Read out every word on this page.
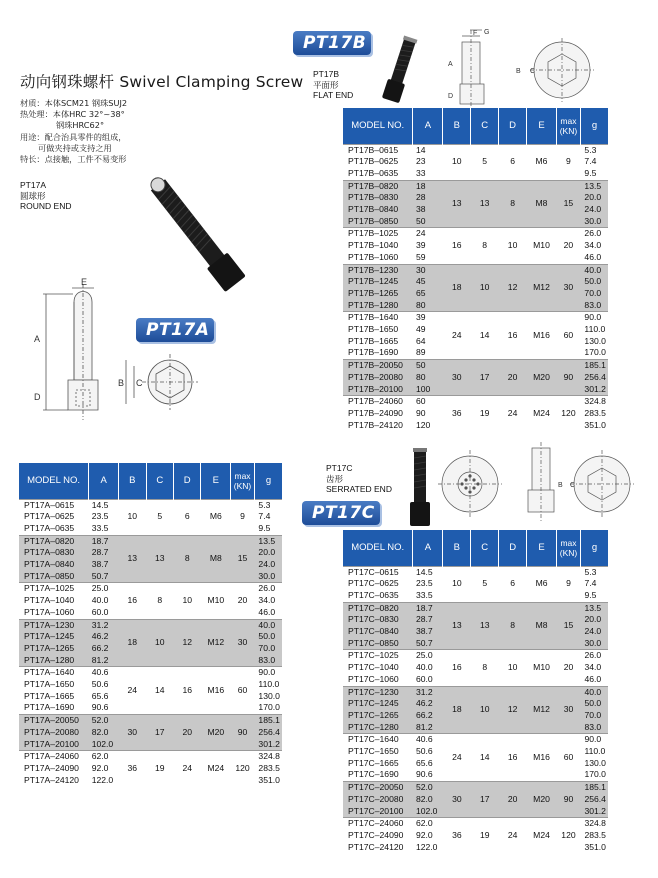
动向钢珠螺杆 Swivel Clamping Screw
材质：本体SCM21 钢珠SUJ2
热处理：本体HRC 32°~38°
钢珠HRC62°
用途：配合治具零件的组成，
可做夹持或支持之用
特长：点接触，工件不易变形
PT17A
圆球形
ROUND END
PT17B
平面形
FLAT END
PT17C
齿形
SERRATED END
PT17A
PT17B
PT17C
E
A
D
B C
F G
A
D
B C
B C
MODEL NO.	A	B	C	D	E	max (KN)	g
PT17A–0615	14.5	10	5	6	M6	9	5.3
PT17A–0625	23.5						7.4
PT17A–0635	33.5						9.5
PT17A–0820	18.7	13	13	8	M8	15	13.5
PT17A–0830	28.7						20.0
PT17A–0840	38.7						24.0
PT17A–0850	50.7						30.0
PT17A–1025	25.0	16	8	10	M10	20	26.0
PT17A–1040	40.0						34.0
PT17A–1060	60.0						46.0
PT17A–1230	31.2	18	10	12	M12	30	40.0
PT17A–1245	46.2						50.0
PT17A–1265	66.2						70.0
PT17A–1280	81.2						83.0
PT17A–1640	40.6	24	14	16	M16	60	90.0
PT17A–1650	50.6						110.0
PT17A–1665	65.6						130.0
PT17A–1690	90.6						170.0
PT17A–20050	52.0	30	17	20	M20	90	185.1
PT17A–20080	82.0						256.4
PT17A–20100	102.0						301.2
PT17A–24060	62.0	36	19	24	M24	120	324.8
PT17A–24090	92.0						283.5
PT17A–24120	122.0						351.0
MODEL NO.	A	B	C	D	E	max (KN)	g
PT17B–0615	14	10	5	6	M6	9	5.3
PT17B–0625	23						7.4
PT17B–0635	33						9.5
PT17B–0820	18	13	13	8	M8	15	13.5
PT17B–0830	28						20.0
PT17B–0840	38						24.0
PT17B–0850	50						30.0
PT17B–1025	24	16	8	10	M10	20	26.0
PT17B–1040	39						34.0
PT17B–1060	59						46.0
PT17B–1230	30	18	10	12	M12	30	40.0
PT17B–1245	45						50.0
PT17B–1265	65						70.0
PT17B–1280	80						83.0
PT17B–1640	39	24	14	16	M16	60	90.0
PT17B–1650	49						110.0
PT17B–1665	64						130.0
PT17B–1690	89						170.0
PT17B–20050	50	30	17	20	M20	90	185.1
PT17B–20080	80						256.4
PT17B–20100	100						301.2
PT17B–24060	60	36	19	24	M24	120	324.8
PT17B–24090	90						283.5
PT17B–24120	120						351.0
MODEL NO.	A	B	C	D	E	max (KN)	g
PT17C–0615	14.5	10	5	6	M6	9	5.3
PT17C–0625	23.5						7.4
PT17C–0635	33.5						9.5
PT17C–0820	18.7	13	13	8	M8	15	13.5
PT17C–0830	28.7						20.0
PT17C–0840	38.7						24.0
PT17C–0850	50.7						30.0
PT17C–1025	25.0	16	8	10	M10	20	26.0
PT17C–1040	40.0						34.0
PT17C–1060	60.0						46.0
PT17C–1230	31.2	18	10	12	M12	30	40.0
PT17C–1245	46.2						50.0
PT17C–1265	66.2						70.0
PT17C–1280	81.2						83.0
PT17C–1640	40.6	24	14	16	M16	60	90.0
PT17C–1650	50.6						110.0
PT17C–1665	65.6						130.0
PT17C–1690	90.6						170.0
PT17C–20050	52.0	30	17	20	M20	90	185.1
PT17C–20080	82.0						256.4
PT17C–20100	102.0						301.2
PT17C–24060	62.0	36	19	24	M24	120	324.8
PT17C–24090	92.0						283.5
PT17C–24120	122.0						351.0
